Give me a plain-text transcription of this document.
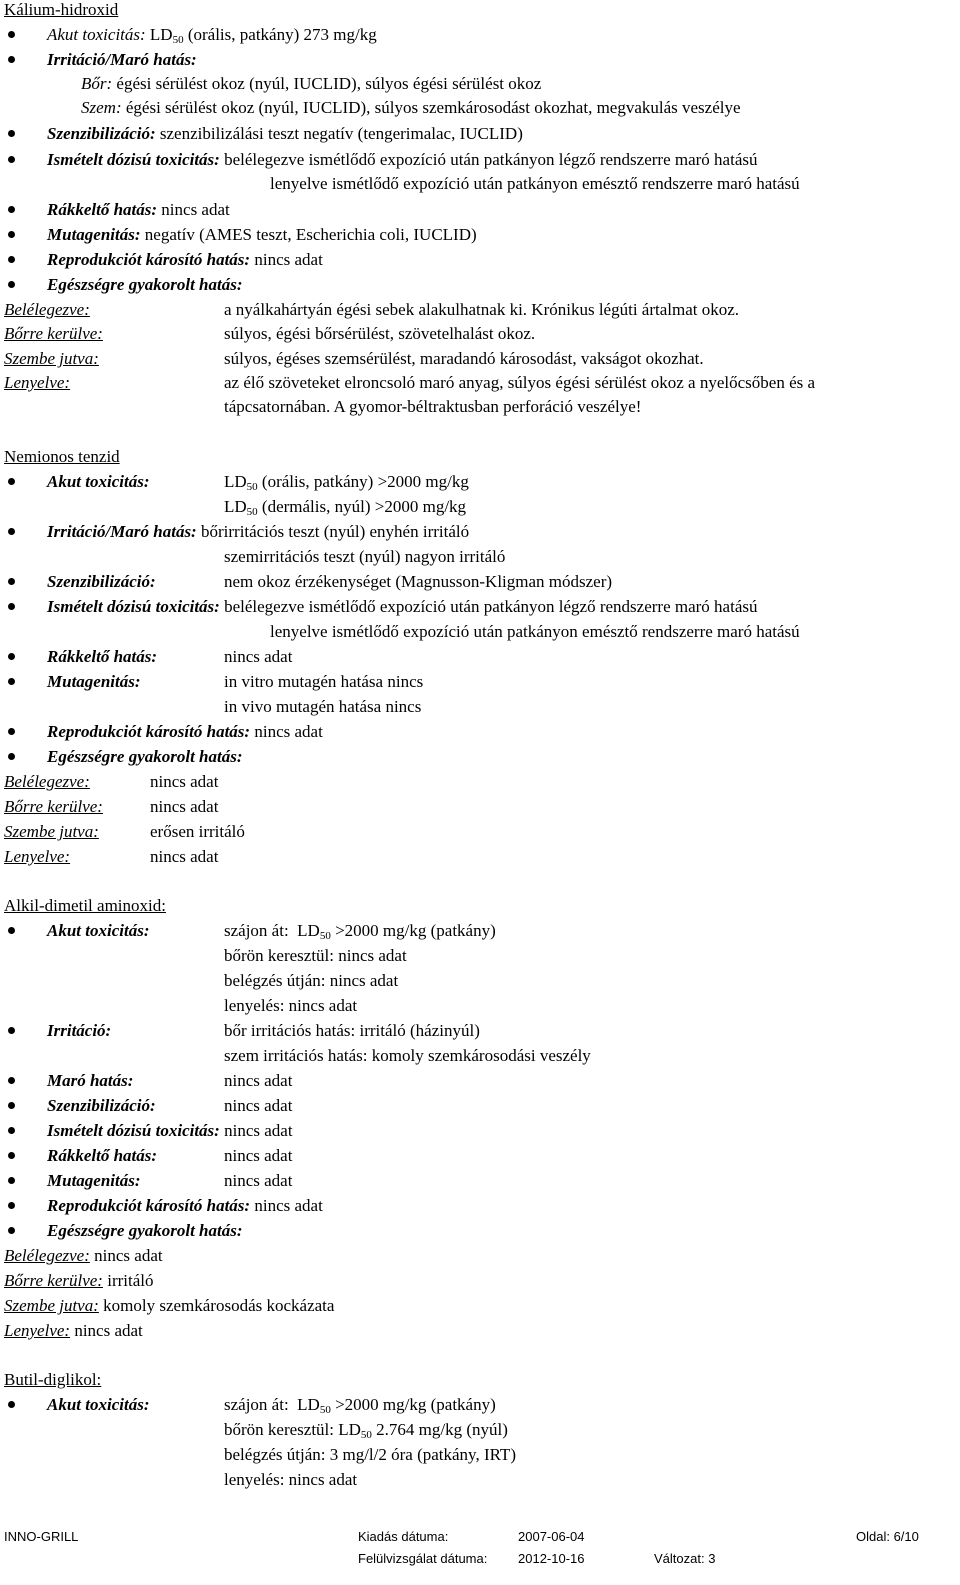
Kálium-hidroxid
Akut toxicitás: $LD_{50}$ (orális, patkány) 273 mg/kg
Irritáció/Maró hatás:
Bőr: égési sérülést okoz (nyúl, IUCLID), súlyos égési sérülést okoz
Szem: égési sérülést okoz (nyúl, IUCLID), súlyos szemkárosodást okozhat, megvakulás veszélye
Szenzibilizáció: szenzibilizálási teszt negatív (tengerimalac, IUCLID)
Ismételt dózisú toxicitás: belélegezve ismétlődő expozíció után patkányon légző rendszerre maró hatású
lenyelve ismétlődő expozíció után patkányon emésztő rendszerre maró hatású
Rákkeltő hatás: nincs adat
Mutagenitás: negatív (AMES teszt, Escherichia coli, IUCLID)
Reprodukciót károsító hatás: nincs adat
Egészségre gyakorolt hatás:
Belélegezve:	a nyálkahártyán égési sebek alakulhatnak ki. Krónikus légúti ártalmat okoz.
Bőrre kerülve:	súlyos, égési bőrsérülést, szövetelhalást okoz.
Szembe jutva:	súlyos, égéses szemsérülést, maradandó károsodást, vakságot okozhat.
Lenyelve:	az élő szöveteket elroncsoló maró anyag, súlyos égési sérülést okoz a nyelőcsőben és a
tápcsatornában. A gyomor-béltraktusban perforáció veszélye!
Nemionos tenzid
Akut toxicitás:	$LD_{50}$ (orális, patkány) >2000 mg/kg
$LD_{50}$ (dermális, nyúl) >2000 mg/kg
Irritáció/Maró hatás: bőrirritációs teszt (nyúl) enyhén irritáló
szemirritációs teszt (nyúl) nagyon irritáló
Szenzibilizáció:	nem okoz érzékenységet (Magnusson-Kligman módszer)
Ismételt dózisú toxicitás: belélegezve ismétlődő expozíció után patkányon légző rendszerre maró hatású
lenyelve ismétlődő expozíció után patkányon emésztő rendszerre maró hatású
Rákkeltő hatás:	nincs adat
Mutagenitás:	in vitro mutagén hatása nincs
in vivo mutagén hatása nincs
Reprodukciót károsító hatás: nincs adat
Egészségre gyakorolt hatás:
Belélegezve:	nincs adat
Bőrre kerülve:	nincs adat
Szembe jutva:	erősen irritáló
Lenyelve:	nincs adat
Alkil-dimetil aminoxid:
Akut toxicitás:	szájon át: $LD_{50} >2000$ mg/kg (patkány)
bőrön keresztül: nincs adat
belégzés útján: nincs adat
lenyelés: nincs adat
Irritáció:	bőr irritációs hatás: irritáló (házinyúl)
szem irritációs hatás: komoly szemkárosodási veszély
Maró hatás:	nincs adat
Szenzibilizáció:	nincs adat
Ismételt dózisú toxicitás: nincs adat
Rákkeltő hatás:	nincs adat
Mutagenitás:	nincs adat
Reprodukciót károsító hatás: nincs adat
Egészségre gyakorolt hatás:
Belélegezve: nincs adat
Bőrre kerülve: irritáló
Szembe jutva: komoly szemkárosodás kockázata
Lenyelve: nincs adat
Butil-diglikol:
Akut toxicitás:	szájon át: $LD_{50} >2000$ mg/kg (patkány)
bőrön keresztül: $LD_{50}$ 2.764 mg/kg (nyúl)
belégzés útján: 3 mg/l/2 óra (patkány, IRT)
lenyelés: nincs adat
INNO-GRILL	Kiadás dátuma:	2007-06-04	Oldal: 6/10
Felülvizsgálat dátuma: 2012-10-16	Változat: 3
